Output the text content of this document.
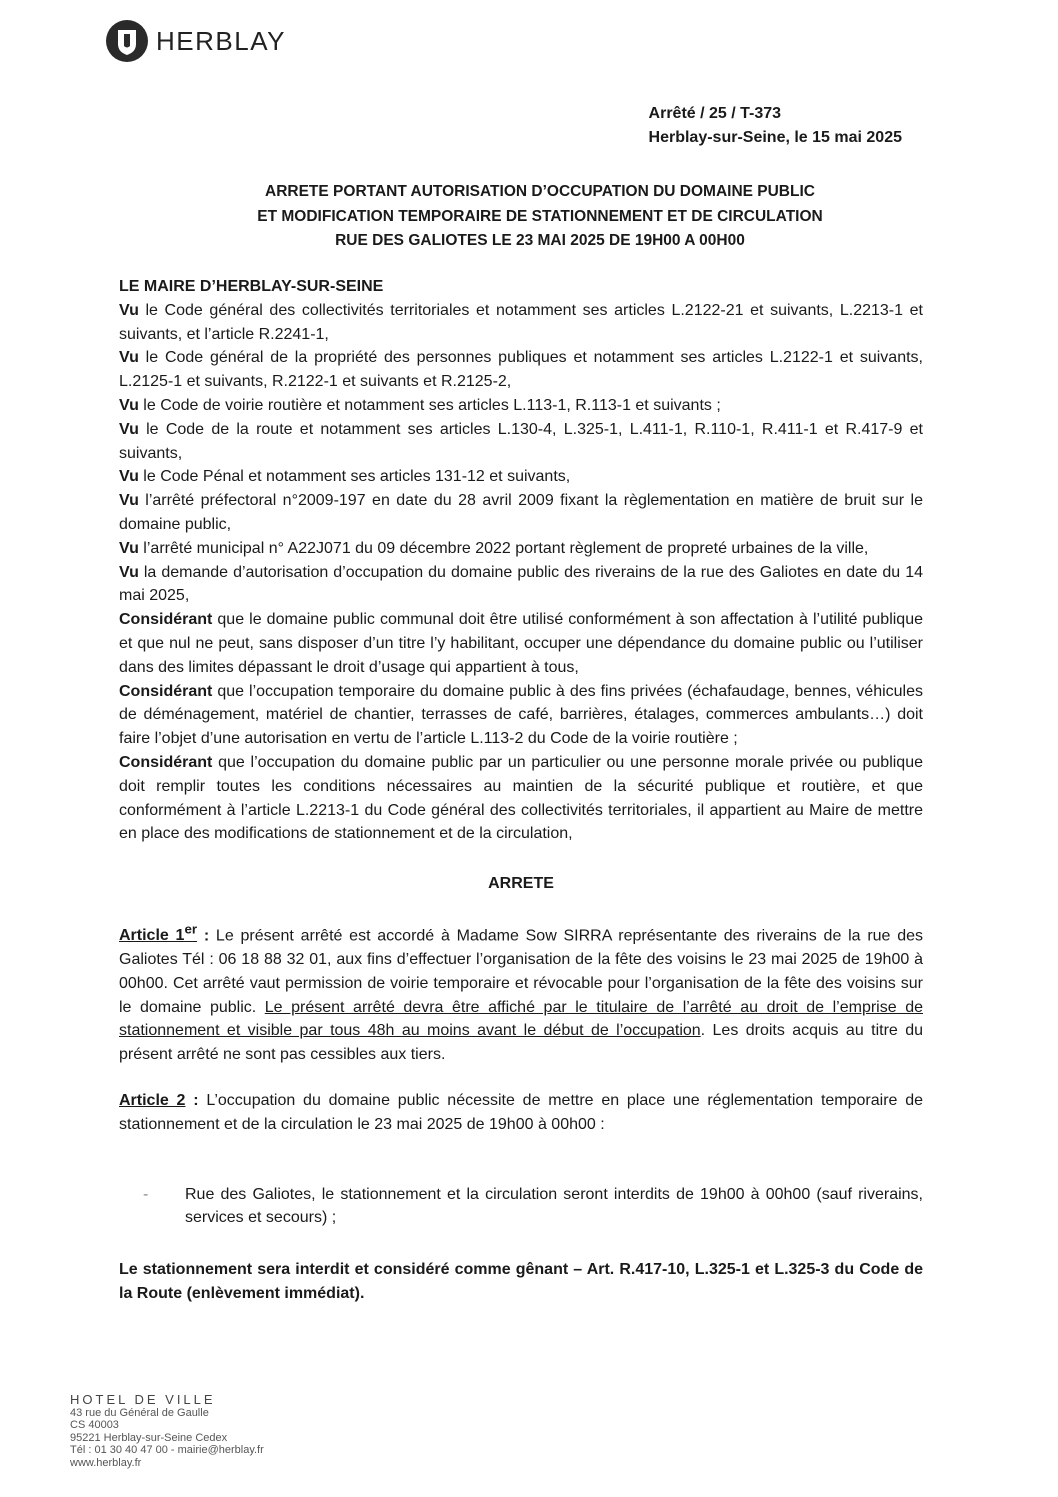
HERBLAY
Arrêté / 25 / T-373
Herblay-sur-Seine, le 15 mai 2025
ARRETE PORTANT AUTORISATION D’OCCUPATION DU DOMAINE PUBLIC
ET MODIFICATION TEMPORAIRE DE STATIONNEMENT ET DE CIRCULATION
RUE DES GALIOTES LE 23 MAI 2025 DE 19H00 A 00H00

LE MAIRE D’HERBLAY-SUR-SEINE

Vu le Code général des collectivités territoriales et notamment ses articles L.2122-21 et suivants, L.2213-1 et suivants, et l’article R.2241-1,

Vu le Code général de la propriété des personnes publiques et notamment ses articles L.2122-1 et suivants, L.2125-1 et suivants, R.2122-1 et suivants et R.2125-2,

Vu le Code de voirie routière et notamment ses articles L.113-1, R.113-1 et suivants ;

Vu le Code de la route et notamment ses articles L.130-4, L.325-1, L.411-1, R.110-1, R.411-1 et R.417-9 et suivants,

Vu le Code Pénal et notamment ses articles 131-12 et suivants,

Vu l’arrêté préfectoral n°2009-197 en date du 28 avril 2009 fixant la règlementation en matière de bruit sur le domaine public,

Vu l’arrêté municipal n° A22J071 du 09 décembre 2022 portant règlement de propreté urbaines de la ville,

Vu la demande d’autorisation d’occupation du domaine public des riverains de la rue des Galiotes en date du 14 mai 2025,

Considérant que le domaine public communal doit être utilisé conformément à son affectation à l’utilité publique et que nul ne peut, sans disposer d’un titre l’y habilitant, occuper une dépendance du domaine public ou l’utiliser dans des limites dépassant le droit d’usage qui appartient à tous,

Considérant que l’occupation temporaire du domaine public à des fins privées (échafaudage, bennes, véhicules de déménagement, matériel de chantier, terrasses de café, barrières, étalages, commerces ambulants…) doit faire l’objet d’une autorisation en vertu de l’article L.113-2 du Code de la voirie routière ;

Considérant que l’occupation du domaine public par un particulier ou une personne morale privée ou publique doit remplir toutes les conditions nécessaires au maintien de la sécurité publique et routière, et que conformément à l’article L.2213-1 du Code général des collectivités territoriales, il appartient au Maire de mettre en place des modifications de stationnement et de la circulation,

ARRETE

Article 1er : Le présent arrêté est accordé à Madame Sow SIRRA représentante des riverains de la rue des Galiotes Tél : 06 18 88 32 01, aux fins d’effectuer l’organisation de la fête des voisins le 23 mai 2025 de 19h00 à 00h00. Cet arrêté vaut permission de voirie temporaire et révocable pour l’organisation de la fête des voisins sur le domaine public. Le présent arrêté devra être affiché par le titulaire de l’arrêté au droit de l’emprise de stationnement et visible par tous 48h au moins avant le début de l’occupation. Les droits acquis au titre du présent arrêté ne sont pas cessibles aux tiers.

Article 2 : L’occupation du domaine public nécessite de mettre en place une réglementation temporaire de stationnement et de la circulation le 23 mai 2025 de 19h00 à 00h00 :

-	Rue des Galiotes, le stationnement et la circulation seront interdits de 19h00 à 00h00 (sauf riverains, services et secours) ;

Le stationnement sera interdit et considéré comme gênant – Art. R.417-10, L.325-1 et L.325-3 du Code de la Route (enlèvement immédiat).

HOTEL DE VILLE
43 rue du Général de Gaulle
CS 40003
95221 Herblay-sur-Seine Cedex
Tél : 01 30 40 47 00 - mairie@herblay.fr
www.herblay.fr
